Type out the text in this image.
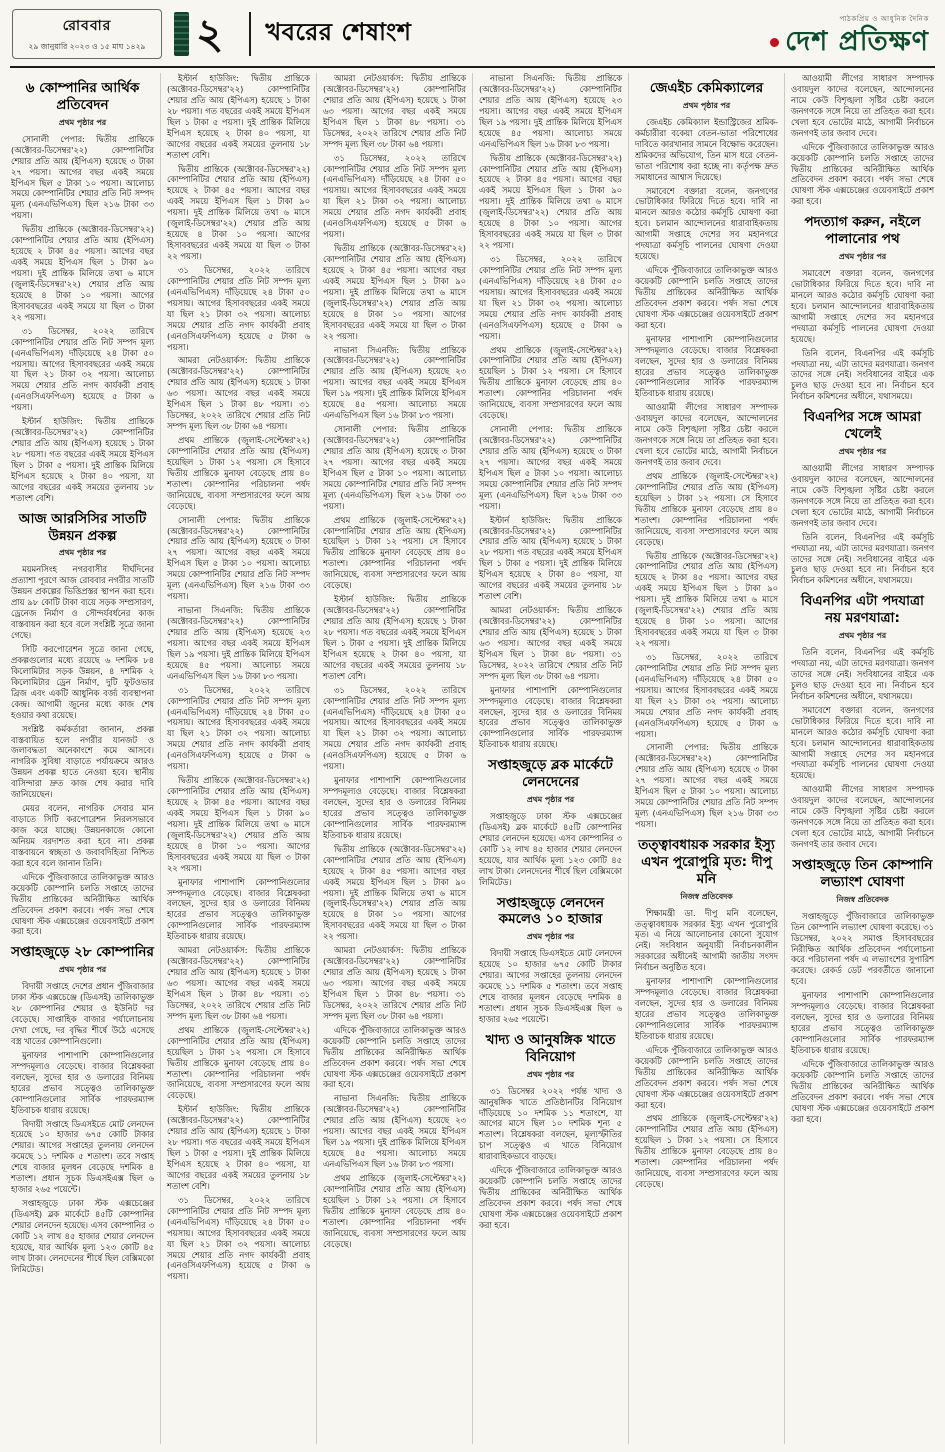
রোববার
২৯ জানুয়ারি ২০২৩ ও ১৫ মাঘ ১৪২৯ ২ খবরের শেষাংশ	পাঠকপ্রিয় ও আধুনিক দৈনিক
দেশ প্রতিক্ষণ
৬ কোম্পানির আর্থিক প্রতিবেদন
প্রথম পৃষ্ঠার পর

সোনালী পেপার: দ্বিতীয় প্রান্তিকে (অক্টোবর-ডিসেম্বর'২২) কোম্পানিটির শেয়ার প্রতি আয় (ইপিএস) হয়েছে ৩ টাকা ২৭ পয়সা। আগের বছর একই সময়ে ইপিএস ছিল ৫ টাকা ১০ পয়সা। আলোচ্য সময়ে কোম্পানিটির শেয়ার প্রতি নিট সম্পদ মূল্য (এনএভিপিএস) ছিল ২১৬ টাকা ৩৩ পয়সা।

দ্বিতীয় প্রান্তিকে (অক্টোবর-ডিসেম্বর'২২) কোম্পানিটির শেয়ার প্রতি আয় (ইপিএস) হয়েছে ২ টাকা ৪৫ পয়সা। আগের বছর একই সময়ে ইপিএস ছিল ১ টাকা ৯০ পয়সা। দুই প্রান্তিক মিলিয়ে তথা ৬ মাসে (জুলাই-ডিসেম্বর'২২) শেয়ার প্রতি আয় হয়েছে ৪ টাকা ১০ পয়সা। আগের হিসাববছরের একই সময়ে যা ছিল ৩ টাকা ২২ পয়সা।

৩১ ডিসেম্বর, ২০২২ তারিখে কোম্পানিটির শেয়ার প্রতি নিট সম্পদ মূল্য (এনএভিপিএস) দাঁড়িয়েছে ২৪ টাকা ৫০ পয়সায়। আগের হিসাববছরের একই সময়ে যা ছিল ২১ টাকা ৩২ পয়সা। আলোচ্য সময়ে শেয়ার প্রতি নগদ কার্যকরী প্রবাহ (এনওসিএফপিএস) হয়েছে ৫ টাকা ৬ পয়সা।

ইস্টার্ন হাউজিং: দ্বিতীয় প্রান্তিকে (অক্টোবর-ডিসেম্বর'২২) কোম্পানিটির শেয়ার প্রতি আয় (ইপিএস) হয়েছে ১ টাকা ২৮ পয়সা। গত বছরের একই সময়ে ইপিএস ছিল ১ টাকা ৫ পয়সা। দুই প্রান্তিক মিলিয়ে ইপিএস হয়েছে ২ টাকা ৪০ পয়সা, যা আগের বছরের একই সময়ের তুলনায় ১৮ শতাংশ বেশি।

আজ আরসিসির সাতটি উন্নয়ন প্রকল্প
প্রথম পৃষ্ঠার পর

ময়মনসিংহ নগরবাসীর দীর্ঘদিনের প্রত্যাশা পূরণে আজ রোববার নগরীর সাতটি উন্নয়ন প্রকল্পের ভিত্তিপ্রস্তর স্থাপন করা হবে। প্রায় ৯৮ কোটি টাকা ব্যয়ে সড়ক সম্প্রসারণ, ড্রেনেজ নির্মাণ ও সৌন্দর্যবর্ধনের কাজ বাস্তবায়ন করা হবে বলে সংশ্লিষ্ট সূত্রে জানা গেছে।

সিটি করপোরেশন সূত্রে জানা গেছে, প্রকল্পগুলোর মধ্যে রয়েছে ৬ দশমিক ৮৪ কিলোমিটার সড়ক উন্নয়ন, ৪ দশমিক ২ কিলোমিটার ড্রেন নির্মাণ, দুটি ফুটওভার ব্রিজ এবং একটি আধুনিক বর্জ্য ব্যবস্থাপনা কেন্দ্র। আগামী জুনের মধ্যে কাজ শেষ হওয়ার কথা রয়েছে।

সংশ্লিষ্ট কর্মকর্তারা জানান, প্রকল্প বাস্তবায়িত হলে নগরীর যানজট ও জলাবদ্ধতা অনেকাংশে কমে আসবে। নাগরিক সুবিধা বাড়াতে পর্যায়ক্রমে আরও উন্নয়ন প্রকল্প হাতে নেওয়া হবে। স্থানীয় বাসিন্দারা দ্রুত কাজ শেষ করার দাবি জানিয়েছেন।

মেয়র বলেন, নাগরিক সেবার মান বাড়াতে সিটি করপোরেশন নিরলসভাবে কাজ করে যাচ্ছে। উন্নয়নকাজে কোনো অনিয়ম বরদাশত করা হবে না। প্রকল্প বাস্তবায়নে স্বচ্ছতা ও জবাবদিহিতা নিশ্চিত করা হবে বলে জানান তিনি।

এদিকে পুঁজিবাজারে তালিকাভুক্ত আরও কয়েকটি কোম্পানি চলতি সপ্তাহে তাদের দ্বিতীয় প্রান্তিকের অনিরীক্ষিত আর্থিক প্রতিবেদন প্রকাশ করবে। পর্ষদ সভা শেষে ঘোষণা স্টক এক্সচেঞ্জের ওয়েবসাইটে প্রকাশ করা হবে।

সপ্তাহজুড়ে ২৮ কোম্পানির
প্রথম পৃষ্ঠার পর

বিদায়ী সপ্তাহে দেশের প্রধান পুঁজিবাজার ঢাকা স্টক এক্সচেঞ্জে (ডিএসই) তালিকাভুক্ত ২৮ কোম্পানির শেয়ার ও ইউনিট দর বেড়েছে। সাপ্তাহিক বাজার পর্যালোচনায় দেখা গেছে, দর বৃদ্ধির শীর্ষে উঠে এসেছে বস্ত্র খাতের কোম্পানিগুলো।

মুনাফার পাশাপাশি কোম্পানিগুলোর সম্পদমূল্যও বেড়েছে। বাজার বিশ্লেষকরা বলছেন, সুদের হার ও ডলারের বিনিময় হারের প্রভাব সত্ত্বেও তালিকাভুক্ত কোম্পানিগুলোর সার্বিক পারফরম্যান্স ইতিবাচক ধারায় রয়েছে।

বিদায়ী সপ্তাহে ডিএসইতে মোট লেনদেন হয়েছে ১০ হাজার ৬৭৫ কোটি টাকার শেয়ার। আগের সপ্তাহের তুলনায় লেনদেন কমেছে ১১ দশমিক ৫ শতাংশ। তবে সপ্তাহ শেষে বাজার মূলধন বেড়েছে দশমিক ৪ শতাংশ। প্রধান সূচক ডিএসইএক্স ছিল ৬ হাজার ২৬৫ পয়েন্টে।

সপ্তাহজুড়ে ঢাকা স্টক এক্সচেঞ্জের (ডিএসই) ব্লক মার্কেটে ৪৫টি কোম্পানির শেয়ার লেনদেন হয়েছে। এসব কোম্পানির ৩ কোটি ১২ লাখ ৪৫ হাজার শেয়ার লেনদেন হয়েছে, যার আর্থিক মূল্য ১২৩ কোটি ৪৫ লাখ টাকা। লেনদেনের শীর্ষে ছিল বেক্সিমকো লিমিটেড।

ইস্টার্ন হাউজিং: দ্বিতীয় প্রান্তিকে (অক্টোবর-ডিসেম্বর'২২) কোম্পানিটির শেয়ার প্রতি আয় (ইপিএস) হয়েছে ১ টাকা ২৮ পয়সা। গত বছরের একই সময়ে ইপিএস ছিল ১ টাকা ৫ পয়সা। দুই প্রান্তিক মিলিয়ে ইপিএস হয়েছে ২ টাকা ৪০ পয়সা, যা আগের বছরের একই সময়ের তুলনায় ১৮ শতাংশ বেশি।

দ্বিতীয় প্রান্তিকে (অক্টোবর-ডিসেম্বর'২২) কোম্পানিটির শেয়ার প্রতি আয় (ইপিএস) হয়েছে ২ টাকা ৪৫ পয়সা। আগের বছর একই সময়ে ইপিএস ছিল ১ টাকা ৯০ পয়সা। দুই প্রান্তিক মিলিয়ে তথা ৬ মাসে (জুলাই-ডিসেম্বর'২২) শেয়ার প্রতি আয় হয়েছে ৪ টাকা ১০ পয়সা। আগের হিসাববছরের একই সময়ে যা ছিল ৩ টাকা ২২ পয়সা।

৩১ ডিসেম্বর, ২০২২ তারিখে কোম্পানিটির শেয়ার প্রতি নিট সম্পদ মূল্য (এনএভিপিএস) দাঁড়িয়েছে ২৪ টাকা ৫০ পয়সায়। আগের হিসাববছরের একই সময়ে যা ছিল ২১ টাকা ৩২ পয়সা। আলোচ্য সময়ে শেয়ার প্রতি নগদ কার্যকরী প্রবাহ (এনওসিএফপিএস) হয়েছে ৫ টাকা ৬ পয়সা।

আমরা নেটওয়ার্কস: দ্বিতীয় প্রান্তিকে (অক্টোবর-ডিসেম্বর'২২) কোম্পানিটির শেয়ার প্রতি আয় (ইপিএস) হয়েছে ১ টাকা ৬৩ পয়সা। আগের বছর একই সময়ে ইপিএস ছিল ১ টাকা ৪৮ পয়সা। ৩১ ডিসেম্বর, ২০২২ তারিখে শেয়ার প্রতি নিট সম্পদ মূল্য ছিল ৩৮ টাকা ৬৪ পয়সা।

প্রথম প্রান্তিকে (জুলাই-সেপ্টেম্বর'২২) কোম্পানিটির শেয়ার প্রতি আয় (ইপিএস) হয়েছিল ১ টাকা ১২ পয়সা। সে হিসাবে দ্বিতীয় প্রান্তিকে মুনাফা বেড়েছে প্রায় ৪০ শতাংশ। কোম্পানির পরিচালনা পর্ষদ জানিয়েছে, ব্যবসা সম্প্রসারণের ফলে আয় বেড়েছে।

সোনালী পেপার: দ্বিতীয় প্রান্তিকে (অক্টোবর-ডিসেম্বর'২২) কোম্পানিটির শেয়ার প্রতি আয় (ইপিএস) হয়েছে ৩ টাকা ২৭ পয়সা। আগের বছর একই সময়ে ইপিএস ছিল ৫ টাকা ১০ পয়সা। আলোচ্য সময়ে কোম্পানিটির শেয়ার প্রতি নিট সম্পদ মূল্য (এনএভিপিএস) ছিল ২১৬ টাকা ৩৩ পয়সা।

নাভানা সিএনজি: দ্বিতীয় প্রান্তিকে (অক্টোবর-ডিসেম্বর'২২) কোম্পানিটির শেয়ার প্রতি আয় (ইপিএস) হয়েছে ২৩ পয়সা। আগের বছর একই সময়ে ইপিএস ছিল ১৯ পয়সা। দুই প্রান্তিক মিলিয়ে ইপিএস হয়েছে ৪৫ পয়সা। আলোচ্য সময়ে এনএভিপিএস ছিল ১৬ টাকা ৮৩ পয়সা।

৩১ ডিসেম্বর, ২০২২ তারিখে কোম্পানিটির শেয়ার প্রতি নিট সম্পদ মূল্য (এনএভিপিএস) দাঁড়িয়েছে ২৪ টাকা ৫০ পয়সায়। আগের হিসাববছরের একই সময়ে যা ছিল ২১ টাকা ৩২ পয়সা। আলোচ্য সময়ে শেয়ার প্রতি নগদ কার্যকরী প্রবাহ (এনওসিএফপিএস) হয়েছে ৫ টাকা ৬ পয়সা।

দ্বিতীয় প্রান্তিকে (অক্টোবর-ডিসেম্বর'২২) কোম্পানিটির শেয়ার প্রতি আয় (ইপিএস) হয়েছে ২ টাকা ৪৫ পয়সা। আগের বছর একই সময়ে ইপিএস ছিল ১ টাকা ৯০ পয়সা। দুই প্রান্তিক মিলিয়ে তথা ৬ মাসে (জুলাই-ডিসেম্বর'২২) শেয়ার প্রতি আয় হয়েছে ৪ টাকা ১০ পয়সা। আগের হিসাববছরের একই সময়ে যা ছিল ৩ টাকা ২২ পয়সা।

মুনাফার পাশাপাশি কোম্পানিগুলোর সম্পদমূল্যও বেড়েছে। বাজার বিশ্লেষকরা বলছেন, সুদের হার ও ডলারের বিনিময় হারের প্রভাব সত্ত্বেও তালিকাভুক্ত কোম্পানিগুলোর সার্বিক পারফরম্যান্স ইতিবাচক ধারায় রয়েছে।

আমরা নেটওয়ার্কস: দ্বিতীয় প্রান্তিকে (অক্টোবর-ডিসেম্বর'২২) কোম্পানিটির শেয়ার প্রতি আয় (ইপিএস) হয়েছে ১ টাকা ৬৩ পয়সা। আগের বছর একই সময়ে ইপিএস ছিল ১ টাকা ৪৮ পয়সা। ৩১ ডিসেম্বর, ২০২২ তারিখে শেয়ার প্রতি নিট সম্পদ মূল্য ছিল ৩৮ টাকা ৬৪ পয়সা।

প্রথম প্রান্তিকে (জুলাই-সেপ্টেম্বর'২২) কোম্পানিটির শেয়ার প্রতি আয় (ইপিএস) হয়েছিল ১ টাকা ১২ পয়সা। সে হিসাবে দ্বিতীয় প্রান্তিকে মুনাফা বেড়েছে প্রায় ৪০ শতাংশ। কোম্পানির পরিচালনা পর্ষদ জানিয়েছে, ব্যবসা সম্প্রসারণের ফলে আয় বেড়েছে।

ইস্টার্ন হাউজিং: দ্বিতীয় প্রান্তিকে (অক্টোবর-ডিসেম্বর'২২) কোম্পানিটির শেয়ার প্রতি আয় (ইপিএস) হয়েছে ১ টাকা ২৮ পয়সা। গত বছরের একই সময়ে ইপিএস ছিল ১ টাকা ৫ পয়সা। দুই প্রান্তিক মিলিয়ে ইপিএস হয়েছে ২ টাকা ৪০ পয়সা, যা আগের বছরের একই সময়ের তুলনায় ১৮ শতাংশ বেশি।

৩১ ডিসেম্বর, ২০২২ তারিখে কোম্পানিটির শেয়ার প্রতি নিট সম্পদ মূল্য (এনএভিপিএস) দাঁড়িয়েছে ২৪ টাকা ৫০ পয়সায়। আগের হিসাববছরের একই সময়ে যা ছিল ২১ টাকা ৩২ পয়সা। আলোচ্য সময়ে শেয়ার প্রতি নগদ কার্যকরী প্রবাহ (এনওসিএফপিএস) হয়েছে ৫ টাকা ৬ পয়সা।

আমরা নেটওয়ার্কস: দ্বিতীয় প্রান্তিকে (অক্টোবর-ডিসেম্বর'২২) কোম্পানিটির শেয়ার প্রতি আয় (ইপিএস) হয়েছে ১ টাকা ৬৩ পয়সা। আগের বছর একই সময়ে ইপিএস ছিল ১ টাকা ৪৮ পয়সা। ৩১ ডিসেম্বর, ২০২২ তারিখে শেয়ার প্রতি নিট সম্পদ মূল্য ছিল ৩৮ টাকা ৬৪ পয়সা।

৩১ ডিসেম্বর, ২০২২ তারিখে কোম্পানিটির শেয়ার প্রতি নিট সম্পদ মূল্য (এনএভিপিএস) দাঁড়িয়েছে ২৪ টাকা ৫০ পয়সায়। আগের হিসাববছরের একই সময়ে যা ছিল ২১ টাকা ৩২ পয়সা। আলোচ্য সময়ে শেয়ার প্রতি নগদ কার্যকরী প্রবাহ (এনওসিএফপিএস) হয়েছে ৫ টাকা ৬ পয়সা।

দ্বিতীয় প্রান্তিকে (অক্টোবর-ডিসেম্বর'২২) কোম্পানিটির শেয়ার প্রতি আয় (ইপিএস) হয়েছে ২ টাকা ৪৫ পয়সা। আগের বছর একই সময়ে ইপিএস ছিল ১ টাকা ৯০ পয়সা। দুই প্রান্তিক মিলিয়ে তথা ৬ মাসে (জুলাই-ডিসেম্বর'২২) শেয়ার প্রতি আয় হয়েছে ৪ টাকা ১০ পয়সা। আগের হিসাববছরের একই সময়ে যা ছিল ৩ টাকা ২২ পয়সা।

নাভানা সিএনজি: দ্বিতীয় প্রান্তিকে (অক্টোবর-ডিসেম্বর'২২) কোম্পানিটির শেয়ার প্রতি আয় (ইপিএস) হয়েছে ২৩ পয়সা। আগের বছর একই সময়ে ইপিএস ছিল ১৯ পয়সা। দুই প্রান্তিক মিলিয়ে ইপিএস হয়েছে ৪৫ পয়সা। আলোচ্য সময়ে এনএভিপিএস ছিল ১৬ টাকা ৮৩ পয়সা।

সোনালী পেপার: দ্বিতীয় প্রান্তিকে (অক্টোবর-ডিসেম্বর'২২) কোম্পানিটির শেয়ার প্রতি আয় (ইপিএস) হয়েছে ৩ টাকা ২৭ পয়সা। আগের বছর একই সময়ে ইপিএস ছিল ৫ টাকা ১০ পয়সা। আলোচ্য সময়ে কোম্পানিটির শেয়ার প্রতি নিট সম্পদ মূল্য (এনএভিপিএস) ছিল ২১৬ টাকা ৩৩ পয়সা।

প্রথম প্রান্তিকে (জুলাই-সেপ্টেম্বর'২২) কোম্পানিটির শেয়ার প্রতি আয় (ইপিএস) হয়েছিল ১ টাকা ১২ পয়সা। সে হিসাবে দ্বিতীয় প্রান্তিকে মুনাফা বেড়েছে প্রায় ৪০ শতাংশ। কোম্পানির পরিচালনা পর্ষদ জানিয়েছে, ব্যবসা সম্প্রসারণের ফলে আয় বেড়েছে।

ইস্টার্ন হাউজিং: দ্বিতীয় প্রান্তিকে (অক্টোবর-ডিসেম্বর'২২) কোম্পানিটির শেয়ার প্রতি আয় (ইপিএস) হয়েছে ১ টাকা ২৮ পয়সা। গত বছরের একই সময়ে ইপিএস ছিল ১ টাকা ৫ পয়সা। দুই প্রান্তিক মিলিয়ে ইপিএস হয়েছে ২ টাকা ৪০ পয়সা, যা আগের বছরের একই সময়ের তুলনায় ১৮ শতাংশ বেশি।

৩১ ডিসেম্বর, ২০২২ তারিখে কোম্পানিটির শেয়ার প্রতি নিট সম্পদ মূল্য (এনএভিপিএস) দাঁড়িয়েছে ২৪ টাকা ৫০ পয়সায়। আগের হিসাববছরের একই সময়ে যা ছিল ২১ টাকা ৩২ পয়সা। আলোচ্য সময়ে শেয়ার প্রতি নগদ কার্যকরী প্রবাহ (এনওসিএফপিএস) হয়েছে ৫ টাকা ৬ পয়সা।

মুনাফার পাশাপাশি কোম্পানিগুলোর সম্পদমূল্যও বেড়েছে। বাজার বিশ্লেষকরা বলছেন, সুদের হার ও ডলারের বিনিময় হারের প্রভাব সত্ত্বেও তালিকাভুক্ত কোম্পানিগুলোর সার্বিক পারফরম্যান্স ইতিবাচক ধারায় রয়েছে।

দ্বিতীয় প্রান্তিকে (অক্টোবর-ডিসেম্বর'২২) কোম্পানিটির শেয়ার প্রতি আয় (ইপিএস) হয়েছে ২ টাকা ৪৫ পয়সা। আগের বছর একই সময়ে ইপিএস ছিল ১ টাকা ৯০ পয়সা। দুই প্রান্তিক মিলিয়ে তথা ৬ মাসে (জুলাই-ডিসেম্বর'২২) শেয়ার প্রতি আয় হয়েছে ৪ টাকা ১০ পয়সা। আগের হিসাববছরের একই সময়ে যা ছিল ৩ টাকা ২২ পয়সা।

আমরা নেটওয়ার্কস: দ্বিতীয় প্রান্তিকে (অক্টোবর-ডিসেম্বর'২২) কোম্পানিটির শেয়ার প্রতি আয় (ইপিএস) হয়েছে ১ টাকা ৬৩ পয়সা। আগের বছর একই সময়ে ইপিএস ছিল ১ টাকা ৪৮ পয়সা। ৩১ ডিসেম্বর, ২০২২ তারিখে শেয়ার প্রতি নিট সম্পদ মূল্য ছিল ৩৮ টাকা ৬৪ পয়সা।

এদিকে পুঁজিবাজারে তালিকাভুক্ত আরও কয়েকটি কোম্পানি চলতি সপ্তাহে তাদের দ্বিতীয় প্রান্তিকের অনিরীক্ষিত আর্থিক প্রতিবেদন প্রকাশ করবে। পর্ষদ সভা শেষে ঘোষণা স্টক এক্সচেঞ্জের ওয়েবসাইটে প্রকাশ করা হবে।

নাভানা সিএনজি: দ্বিতীয় প্রান্তিকে (অক্টোবর-ডিসেম্বর'২২) কোম্পানিটির শেয়ার প্রতি আয় (ইপিএস) হয়েছে ২৩ পয়সা। আগের বছর একই সময়ে ইপিএস ছিল ১৯ পয়সা। দুই প্রান্তিক মিলিয়ে ইপিএস হয়েছে ৪৫ পয়সা। আলোচ্য সময়ে এনএভিপিএস ছিল ১৬ টাকা ৮৩ পয়সা।

প্রথম প্রান্তিকে (জুলাই-সেপ্টেম্বর'২২) কোম্পানিটির শেয়ার প্রতি আয় (ইপিএস) হয়েছিল ১ টাকা ১২ পয়সা। সে হিসাবে দ্বিতীয় প্রান্তিকে মুনাফা বেড়েছে প্রায় ৪০ শতাংশ। কোম্পানির পরিচালনা পর্ষদ জানিয়েছে, ব্যবসা সম্প্রসারণের ফলে আয় বেড়েছে।

নাভানা সিএনজি: দ্বিতীয় প্রান্তিকে (অক্টোবর-ডিসেম্বর'২২) কোম্পানিটির শেয়ার প্রতি আয় (ইপিএস) হয়েছে ২৩ পয়সা। আগের বছর একই সময়ে ইপিএস ছিল ১৯ পয়সা। দুই প্রান্তিক মিলিয়ে ইপিএস হয়েছে ৪৫ পয়সা। আলোচ্য সময়ে এনএভিপিএস ছিল ১৬ টাকা ৮৩ পয়সা।

দ্বিতীয় প্রান্তিকে (অক্টোবর-ডিসেম্বর'২২) কোম্পানিটির শেয়ার প্রতি আয় (ইপিএস) হয়েছে ২ টাকা ৪৫ পয়সা। আগের বছর একই সময়ে ইপিএস ছিল ১ টাকা ৯০ পয়সা। দুই প্রান্তিক মিলিয়ে তথা ৬ মাসে (জুলাই-ডিসেম্বর'২২) শেয়ার প্রতি আয় হয়েছে ৪ টাকা ১০ পয়সা। আগের হিসাববছরের একই সময়ে যা ছিল ৩ টাকা ২২ পয়সা।

৩১ ডিসেম্বর, ২০২২ তারিখে কোম্পানিটির শেয়ার প্রতি নিট সম্পদ মূল্য (এনএভিপিএস) দাঁড়িয়েছে ২৪ টাকা ৫০ পয়সায়। আগের হিসাববছরের একই সময়ে যা ছিল ২১ টাকা ৩২ পয়সা। আলোচ্য সময়ে শেয়ার প্রতি নগদ কার্যকরী প্রবাহ (এনওসিএফপিএস) হয়েছে ৫ টাকা ৬ পয়সা।

প্রথম প্রান্তিকে (জুলাই-সেপ্টেম্বর'২২) কোম্পানিটির শেয়ার প্রতি আয় (ইপিএস) হয়েছিল ১ টাকা ১২ পয়সা। সে হিসাবে দ্বিতীয় প্রান্তিকে মুনাফা বেড়েছে প্রায় ৪০ শতাংশ। কোম্পানির পরিচালনা পর্ষদ জানিয়েছে, ব্যবসা সম্প্রসারণের ফলে আয় বেড়েছে।

সোনালী পেপার: দ্বিতীয় প্রান্তিকে (অক্টোবর-ডিসেম্বর'২২) কোম্পানিটির শেয়ার প্রতি আয় (ইপিএস) হয়েছে ৩ টাকা ২৭ পয়সা। আগের বছর একই সময়ে ইপিএস ছিল ৫ টাকা ১০ পয়সা। আলোচ্য সময়ে কোম্পানিটির শেয়ার প্রতি নিট সম্পদ মূল্য (এনএভিপিএস) ছিল ২১৬ টাকা ৩৩ পয়সা।

ইস্টার্ন হাউজিং: দ্বিতীয় প্রান্তিকে (অক্টোবর-ডিসেম্বর'২২) কোম্পানিটির শেয়ার প্রতি আয় (ইপিএস) হয়েছে ১ টাকা ২৮ পয়সা। গত বছরের একই সময়ে ইপিএস ছিল ১ টাকা ৫ পয়সা। দুই প্রান্তিক মিলিয়ে ইপিএস হয়েছে ২ টাকা ৪০ পয়সা, যা আগের বছরের একই সময়ের তুলনায় ১৮ শতাংশ বেশি।

আমরা নেটওয়ার্কস: দ্বিতীয় প্রান্তিকে (অক্টোবর-ডিসেম্বর'২২) কোম্পানিটির শেয়ার প্রতি আয় (ইপিএস) হয়েছে ১ টাকা ৬৩ পয়সা। আগের বছর একই সময়ে ইপিএস ছিল ১ টাকা ৪৮ পয়সা। ৩১ ডিসেম্বর, ২০২২ তারিখে শেয়ার প্রতি নিট সম্পদ মূল্য ছিল ৩৮ টাকা ৬৪ পয়সা।

মুনাফার পাশাপাশি কোম্পানিগুলোর সম্পদমূল্যও বেড়েছে। বাজার বিশ্লেষকরা বলছেন, সুদের হার ও ডলারের বিনিময় হারের প্রভাব সত্ত্বেও তালিকাভুক্ত কোম্পানিগুলোর সার্বিক পারফরম্যান্স ইতিবাচক ধারায় রয়েছে।

সপ্তাহজুড়ে ব্লক মার্কেটে লেনদেনের
প্রথম পৃষ্ঠার পর

সপ্তাহজুড়ে ঢাকা স্টক এক্সচেঞ্জের (ডিএসই) ব্লক মার্কেটে ৪৫টি কোম্পানির শেয়ার লেনদেন হয়েছে। এসব কোম্পানির ৩ কোটি ১২ লাখ ৪৫ হাজার শেয়ার লেনদেন হয়েছে, যার আর্থিক মূল্য ১২৩ কোটি ৪৫ লাখ টাকা। লেনদেনের শীর্ষে ছিল বেক্সিমকো লিমিটেড।

সপ্তাহজুড়ে লেনদেন কমলেও ১০ হাজার
প্রথম পৃষ্ঠার পর

বিদায়ী সপ্তাহে ডিএসইতে মোট লেনদেন হয়েছে ১০ হাজার ৬৭৫ কোটি টাকার শেয়ার। আগের সপ্তাহের তুলনায় লেনদেন কমেছে ১১ দশমিক ৫ শতাংশ। তবে সপ্তাহ শেষে বাজার মূলধন বেড়েছে দশমিক ৪ শতাংশ। প্রধান সূচক ডিএসইএক্স ছিল ৬ হাজার ২৬৫ পয়েন্টে।

খাদ্য ও আনুষঙ্গিক খাতে বিনিয়োগ
প্রথম পৃষ্ঠার পর

৩১ ডিসেম্বর ২০২২ পর্যন্ত খাদ্য ও আনুষঙ্গিক খাতে প্রতিষ্ঠানটির বিনিয়োগ দাঁড়িয়েছে ১০ দশমিক ১১ শতাংশে, যা আগের মাসে ছিল ১০ দশমিক শূন্য ৫ শতাংশ। বিশ্লেষকরা বলছেন, মূল্যস্ফীতির চাপ সত্ত্বেও এ খাতে বিনিয়োগ ধারাবাহিকভাবে বাড়ছে।

এদিকে পুঁজিবাজারে তালিকাভুক্ত আরও কয়েকটি কোম্পানি চলতি সপ্তাহে তাদের দ্বিতীয় প্রান্তিকের অনিরীক্ষিত আর্থিক প্রতিবেদন প্রকাশ করবে। পর্ষদ সভা শেষে ঘোষণা স্টক এক্সচেঞ্জের ওয়েবসাইটে প্রকাশ করা হবে।

জেএইচ কেমিক্যালের
প্রথম পৃষ্ঠার পর

জেএইচ কেমিক্যাল ইন্ডাস্ট্রিজের শ্রমিক-কর্মচারীরা বকেয়া বেতন-ভাতা পরিশোধের দাবিতে কারখানার সামনে বিক্ষোভ করেছেন। শ্রমিকদের অভিযোগ, তিন মাস ধরে বেতন-ভাতা পরিশোধ করা হচ্ছে না। কর্তৃপক্ষ দ্রুত সমাধানের আশ্বাস দিয়েছে।

সমাবেশে বক্তারা বলেন, জনগণের ভোটাধিকার ফিরিয়ে দিতে হবে। দাবি না মানলে আরও কঠোর কর্মসূচি ঘোষণা করা হবে। চলমান আন্দোলনের ধারাবাহিকতায় আগামী সপ্তাহে দেশের সব মহানগরে পদযাত্রা কর্মসূচি পালনের ঘোষণা দেওয়া হয়েছে।

এদিকে পুঁজিবাজারে তালিকাভুক্ত আরও কয়েকটি কোম্পানি চলতি সপ্তাহে তাদের দ্বিতীয় প্রান্তিকের অনিরীক্ষিত আর্থিক প্রতিবেদন প্রকাশ করবে। পর্ষদ সভা শেষে ঘোষণা স্টক এক্সচেঞ্জের ওয়েবসাইটে প্রকাশ করা হবে।

মুনাফার পাশাপাশি কোম্পানিগুলোর সম্পদমূল্যও বেড়েছে। বাজার বিশ্লেষকরা বলছেন, সুদের হার ও ডলারের বিনিময় হারের প্রভাব সত্ত্বেও তালিকাভুক্ত কোম্পানিগুলোর সার্বিক পারফরম্যান্স ইতিবাচক ধারায় রয়েছে।

আওয়ামী লীগের সাধারণ সম্পাদক ওবায়দুল কাদের বলেছেন, আন্দোলনের নামে কেউ বিশৃঙ্খলা সৃষ্টির চেষ্টা করলে জনগণকে সঙ্গে নিয়ে তা প্রতিহত করা হবে। খেলা হবে ভোটের মাঠে, আগামী নির্বাচনে জনগণই তার জবাব দেবে।

প্রথম প্রান্তিকে (জুলাই-সেপ্টেম্বর'২২) কোম্পানিটির শেয়ার প্রতি আয় (ইপিএস) হয়েছিল ১ টাকা ১২ পয়সা। সে হিসাবে দ্বিতীয় প্রান্তিকে মুনাফা বেড়েছে প্রায় ৪০ শতাংশ। কোম্পানির পরিচালনা পর্ষদ জানিয়েছে, ব্যবসা সম্প্রসারণের ফলে আয় বেড়েছে।

দ্বিতীয় প্রান্তিকে (অক্টোবর-ডিসেম্বর'২২) কোম্পানিটির শেয়ার প্রতি আয় (ইপিএস) হয়েছে ২ টাকা ৪৫ পয়সা। আগের বছর একই সময়ে ইপিএস ছিল ১ টাকা ৯০ পয়সা। দুই প্রান্তিক মিলিয়ে তথা ৬ মাসে (জুলাই-ডিসেম্বর'২২) শেয়ার প্রতি আয় হয়েছে ৪ টাকা ১০ পয়সা। আগের হিসাববছরের একই সময়ে যা ছিল ৩ টাকা ২২ পয়সা।

৩১ ডিসেম্বর, ২০২২ তারিখে কোম্পানিটির শেয়ার প্রতি নিট সম্পদ মূল্য (এনএভিপিএস) দাঁড়িয়েছে ২৪ টাকা ৫০ পয়সায়। আগের হিসাববছরের একই সময়ে যা ছিল ২১ টাকা ৩২ পয়সা। আলোচ্য সময়ে শেয়ার প্রতি নগদ কার্যকরী প্রবাহ (এনওসিএফপিএস) হয়েছে ৫ টাকা ৬ পয়সা।

সোনালী পেপার: দ্বিতীয় প্রান্তিকে (অক্টোবর-ডিসেম্বর'২২) কোম্পানিটির শেয়ার প্রতি আয় (ইপিএস) হয়েছে ৩ টাকা ২৭ পয়সা। আগের বছর একই সময়ে ইপিএস ছিল ৫ টাকা ১০ পয়সা। আলোচ্য সময়ে কোম্পানিটির শেয়ার প্রতি নিট সম্পদ মূল্য (এনএভিপিএস) ছিল ২১৬ টাকা ৩৩ পয়সা।

তত্ত্বাবধায়ক সরকার ইস্যু এখন পুরোপুরি মৃত: দীপু মনি
নিজস্ব প্রতিবেদক

শিক্ষামন্ত্রী ডা. দীপু মনি বলেছেন, তত্ত্বাবধায়ক সরকার ইস্যু এখন পুরোপুরি মৃত। এ নিয়ে আলোচনার কোনো সুযোগ নেই। সংবিধান অনুযায়ী নির্বাচনকালীন সরকারের অধীনেই আগামী জাতীয় সংসদ নির্বাচন অনুষ্ঠিত হবে।

মুনাফার পাশাপাশি কোম্পানিগুলোর সম্পদমূল্যও বেড়েছে। বাজার বিশ্লেষকরা বলছেন, সুদের হার ও ডলারের বিনিময় হারের প্রভাব সত্ত্বেও তালিকাভুক্ত কোম্পানিগুলোর সার্বিক পারফরম্যান্স ইতিবাচক ধারায় রয়েছে।

এদিকে পুঁজিবাজারে তালিকাভুক্ত আরও কয়েকটি কোম্পানি চলতি সপ্তাহে তাদের দ্বিতীয় প্রান্তিকের অনিরীক্ষিত আর্থিক প্রতিবেদন প্রকাশ করবে। পর্ষদ সভা শেষে ঘোষণা স্টক এক্সচেঞ্জের ওয়েবসাইটে প্রকাশ করা হবে।

প্রথম প্রান্তিকে (জুলাই-সেপ্টেম্বর'২২) কোম্পানিটির শেয়ার প্রতি আয় (ইপিএস) হয়েছিল ১ টাকা ১২ পয়সা। সে হিসাবে দ্বিতীয় প্রান্তিকে মুনাফা বেড়েছে প্রায় ৪০ শতাংশ। কোম্পানির পরিচালনা পর্ষদ জানিয়েছে, ব্যবসা সম্প্রসারণের ফলে আয় বেড়েছে।

আওয়ামী লীগের সাধারণ সম্পাদক ওবায়দুল কাদের বলেছেন, আন্দোলনের নামে কেউ বিশৃঙ্খলা সৃষ্টির চেষ্টা করলে জনগণকে সঙ্গে নিয়ে তা প্রতিহত করা হবে। খেলা হবে ভোটের মাঠে, আগামী নির্বাচনে জনগণই তার জবাব দেবে।

এদিকে পুঁজিবাজারে তালিকাভুক্ত আরও কয়েকটি কোম্পানি চলতি সপ্তাহে তাদের দ্বিতীয় প্রান্তিকের অনিরীক্ষিত আর্থিক প্রতিবেদন প্রকাশ করবে। পর্ষদ সভা শেষে ঘোষণা স্টক এক্সচেঞ্জের ওয়েবসাইটে প্রকাশ করা হবে।

পদত্যাগ করুন, নইলে পালানোর পথ
প্রথম পৃষ্ঠার পর

সমাবেশে বক্তারা বলেন, জনগণের ভোটাধিকার ফিরিয়ে দিতে হবে। দাবি না মানলে আরও কঠোর কর্মসূচি ঘোষণা করা হবে। চলমান আন্দোলনের ধারাবাহিকতায় আগামী সপ্তাহে দেশের সব মহানগরে পদযাত্রা কর্মসূচি পালনের ঘোষণা দেওয়া হয়েছে।

তিনি বলেন, বিএনপির এই কর্মসূচি পদযাত্রা নয়, এটা তাদের মরণযাত্রা। জনগণ তাদের সঙ্গে নেই। সংবিধানের বাইরে এক চুলও ছাড় দেওয়া হবে না। নির্বাচন হবে নির্বাচন কমিশনের অধীনে, যথাসময়ে।

বিএনপির সঙ্গে আমরা খেলেই
প্রথম পৃষ্ঠার পর

আওয়ামী লীগের সাধারণ সম্পাদক ওবায়দুল কাদের বলেছেন, আন্দোলনের নামে কেউ বিশৃঙ্খলা সৃষ্টির চেষ্টা করলে জনগণকে সঙ্গে নিয়ে তা প্রতিহত করা হবে। খেলা হবে ভোটের মাঠে, আগামী নির্বাচনে জনগণই তার জবাব দেবে।

তিনি বলেন, বিএনপির এই কর্মসূচি পদযাত্রা নয়, এটা তাদের মরণযাত্রা। জনগণ তাদের সঙ্গে নেই। সংবিধানের বাইরে এক চুলও ছাড় দেওয়া হবে না। নির্বাচন হবে নির্বাচন কমিশনের অধীনে, যথাসময়ে।

বিএনপির এটা পদযাত্রা নয় মরণযাত্রা:
প্রথম পৃষ্ঠার পর

তিনি বলেন, বিএনপির এই কর্মসূচি পদযাত্রা নয়, এটা তাদের মরণযাত্রা। জনগণ তাদের সঙ্গে নেই। সংবিধানের বাইরে এক চুলও ছাড় দেওয়া হবে না। নির্বাচন হবে নির্বাচন কমিশনের অধীনে, যথাসময়ে।

সমাবেশে বক্তারা বলেন, জনগণের ভোটাধিকার ফিরিয়ে দিতে হবে। দাবি না মানলে আরও কঠোর কর্মসূচি ঘোষণা করা হবে। চলমান আন্দোলনের ধারাবাহিকতায় আগামী সপ্তাহে দেশের সব মহানগরে পদযাত্রা কর্মসূচি পালনের ঘোষণা দেওয়া হয়েছে।

আওয়ামী লীগের সাধারণ সম্পাদক ওবায়দুল কাদের বলেছেন, আন্দোলনের নামে কেউ বিশৃঙ্খলা সৃষ্টির চেষ্টা করলে জনগণকে সঙ্গে নিয়ে তা প্রতিহত করা হবে। খেলা হবে ভোটের মাঠে, আগামী নির্বাচনে জনগণই তার জবাব দেবে।

সপ্তাহজুড়ে তিন কোম্পানি লভ্যাংশ ঘোষণা
নিজস্ব প্রতিবেদক

সপ্তাহজুড়ে পুঁজিবাজারে তালিকাভুক্ত তিন কোম্পানি লভ্যাংশ ঘোষণা করেছে। ৩১ ডিসেম্বর, ২০২২ সমাপ্ত হিসাববছরের নিরীক্ষিত আর্থিক প্রতিবেদন পর্যালোচনা করে পরিচালনা পর্ষদ এ লভ্যাংশের সুপারিশ করেছে। রেকর্ড ডেট পরবর্তীতে জানানো হবে।

মুনাফার পাশাপাশি কোম্পানিগুলোর সম্পদমূল্যও বেড়েছে। বাজার বিশ্লেষকরা বলছেন, সুদের হার ও ডলারের বিনিময় হারের প্রভাব সত্ত্বেও তালিকাভুক্ত কোম্পানিগুলোর সার্বিক পারফরম্যান্স ইতিবাচক ধারায় রয়েছে।

এদিকে পুঁজিবাজারে তালিকাভুক্ত আরও কয়েকটি কোম্পানি চলতি সপ্তাহে তাদের দ্বিতীয় প্রান্তিকের অনিরীক্ষিত আর্থিক প্রতিবেদন প্রকাশ করবে। পর্ষদ সভা শেষে ঘোষণা স্টক এক্সচেঞ্জের ওয়েবসাইটে প্রকাশ করা হবে।
